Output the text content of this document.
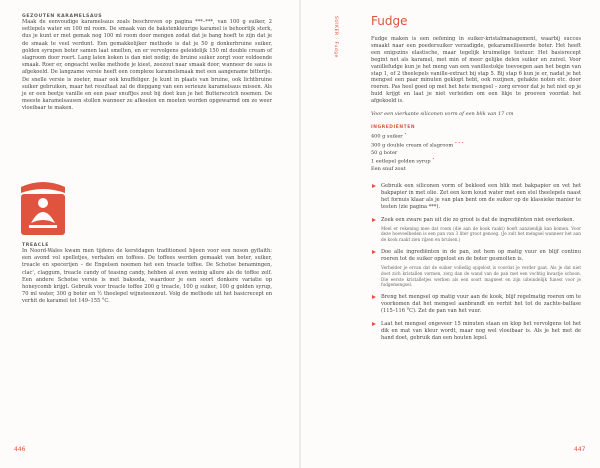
GEZOUTEN KARAMELSAUS
Maak de eenvoudige karamelsaus zoals beschreven op pagina ***–***, van 100 g suiker, 2 eetlepels water en 100 ml room. De smaak van de bakstenkleurige karamel is behoorlijk sterk, dus je kunt er met gemak nog 100 ml room door mengen zodat dat je bang hoeft te zijn dat je de smaak te veel verdunt. Een gemakkelijker methode is dat je 50 g donkerbruine suiker, golden syrupen boter samen laat smelten, en er vervolgens geleidelijk 150 ml double cream of slagroom door roert. Lang laten koken is dan niet nodig; de bruine suiker zorgt voor voldoende smaak. Roer er, ongeacht welke methode je kiest, zeezout naar smaak door, wanneer de saus is afgekoeld. De langzame versie heeft een complexe karamelsmaak met een aangename bitterije. De snelle versie is zoeter, maar ook knuffeliger. Je kunt in plaats van bruine, ook lichtbruine suiker gebruiken, maar het resultaat zal de diepgang van een serieuze karamelsaus missen. Als je er een beetje vanille en een paar snuffjes zout bij doet kun je het Butterscotch noemen. De meeste karamelsausen stollen wanneer ze afkoelen en moeten worden opgewarmd om ze weer vloeibaar te maken.
TREACLE
In Noord-Wales kwam men tijdens de kerstdagen traditioneel bijeen voor een noson gyflaith: een avond vol spelletjes, verhalen en toffees. De toffees werden gemaakt van boter, suiker, treacle en specerijen – de Engelsen noemen het een treacle toffee. De Schotse benamingen, clac', claggum, treacle candy of teasing candy, hebben al even weinig allure als de toffee zelf. Een andere Schotse versie is met baksoda, waardoor je een soort donkere variatie op honeycomb krijgt. Gebruik voor treacle toffee 200 g treacle, 100 g suiker, 100 g golden syrup, 70 ml water, 300 g boter en ½ theelepel wijnsteenzout. Volg de methode uit het basicrecept en verhit de karamel tot 149–155 °C.
446
SUIKER · Fudge
Fudge
Fudge maken is een oefening in suiker-kristalmanagement, waarbij succes smaakt naar een poedersuiker verzadigde, gekaramelliseerde boter. Het heeft een enigszins elastische, maar tegelijk kruimelige textuur. Het basisrecept begint net als karamel, met min of meer gelijke delen suiker en zuivel. Voor vanillefudge kun je het meng van een vanillestokje toevoegen aan het begin van stap 1, of 2 theelepels vanille-extract bij stap 5. Bij stap 6 kun je er, nadat je het mengsel een paar minuten geklopt hebt, ook rozijnen, gehakte noten etc. door roeren. Pas heel goed op met het hete mengsel – zorg ervoor dat je het niet op je huid krijgt en laat je niet verleiden om een likje te proeven voordat het afgekoeld is.
Voor een vierkante siliconen vorm of een blik van 17 cm
INGREDIËNTEN
400 g suiker •
300 g double cream of slagroom • • •
50 g boter
1 eetlepel golden syrup •
Een snuf zout
Gebruik een siliconen vorm of bekleed een blik met bakpapier en vet het bakpapier in met olie. Zet een kom koud water met een stel theelepels naast het fornuis klaar als je van plan bent om de suiker op de klassieke manier te testen (zie pagina ***).
Zoek een zware pan uit die zo groot is dat de ingrediënten niet overkoken.
Meel er rekening mee dat room (die aan de kook raakt) hoeft aanzienlijk kan komen. Voor deze hoeveelheden is een pan van 3 liter groot genoeg. (Je zult het mengsel wanneer het aan de kook raakt zien rijzen en bruisen.)
Doe alle ingrediënten in de pan, zet hem op matig vuur en blijf continu roeren tot de suiker opgelost en de boter gesmolten is.
Verhelder je ervan dat de suiker volledig opgelost is voordat je verder gaat. Als je dat niet doet zich kristallen vormen, zorg dan de wand van de pan met een vochtig kwastje schoon. Die eerste kristalletjes werken als een soort magneet en zijn uiteindelijk funest voor je fudgemengsel.
Breng het mengsel op matig vuur aan de kook, blijf regelmatig roeren om te voorkomen dat het mengsel aanbrandt en verhit het tot de zachte-balfase (115–116 °C). Zet de pan van het vuur.
Laat het mengsel ongeveer 15 minuten staan en klop het vervolgens tot het dik en mat van kleur wordt, maar nog wel vloeibaar is. Als je het met de hand doet, gebruik dan een houten lepel.
447
